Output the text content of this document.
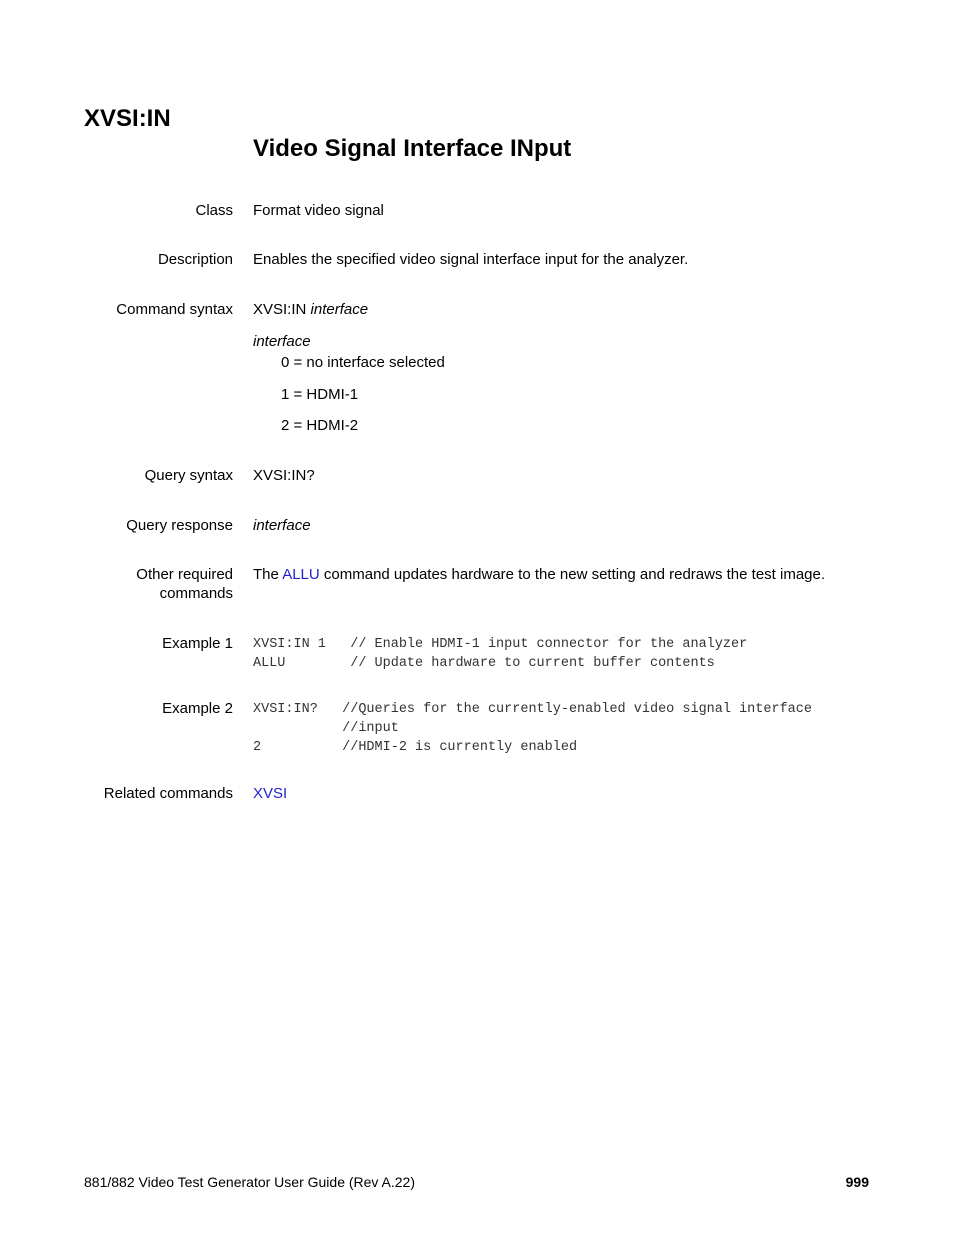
XVSI:IN
Video Signal Interface INput
Class Format video signal
Description Enables the specified video signal interface input for the analyzer.
Command syntax XVSI:IN interface
interface
0 = no interface selected
1 = HDMI-1
2 = HDMI-2
Query syntax XVSI:IN?
Query response interface
Other required
commands
The ALLU command updates hardware to the new setting and redraws the test image.
Example 1 XVSI:IN 1   // Enable HDMI-1 input connector for the analyzer
ALLU        // Update hardware to current buffer contents
Example 2 XVSI:IN?   //Queries for the currently-enabled video signal interface
//input
2          //HDMI-2 is currently enabled
Related commands XVSI
881/882 Video Test Generator User Guide (Rev A.22)	999
